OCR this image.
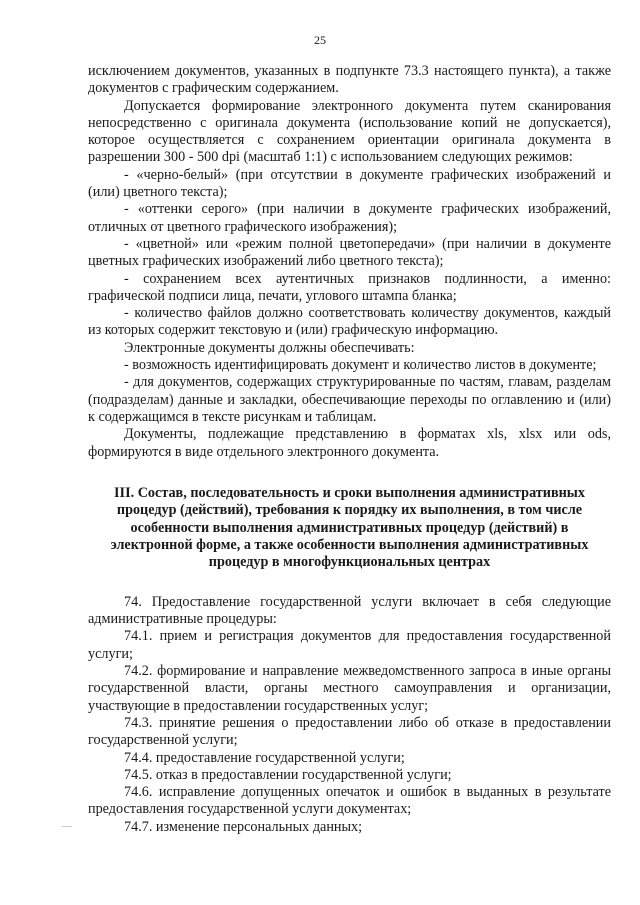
25

исключением документов, указанных в подпункте 73.3 настоящего пункта), а также документов с графическим содержанием.

Допускается формирование электронного документа путем сканирования непосредственно с оригинала документа (использование копий не допускается), которое осуществляется с сохранением ориентации оригинала документа в разрешении 300 - 500 dpi (масштаб 1:1) с использованием следующих режимов:

- «черно-белый» (при отсутствии в документе графических изображений и (или) цветного текста);

- «оттенки серого» (при наличии в документе графических изображений, отличных от цветного графического изображения);

- «цветной» или «режим полной цветопередачи» (при наличии в документе цветных графических изображений либо цветного текста);

- сохранением всех аутентичных признаков подлинности, а именно: графической подписи лица, печати, углового штампа бланка;

- количество файлов должно соответствовать количеству документов, каждый из которых содержит текстовую и (или) графическую информацию.

Электронные документы должны обеспечивать:

- возможность идентифицировать документ и количество листов в документе;

- для документов, содержащих структурированные по частям, главам, разделам (подразделам) данные и закладки, обеспечивающие переходы по оглавлению и (или) к содержащимся в тексте рисункам и таблицам.

Документы, подлежащие представлению в форматах xls, xlsx или ods, формируются в виде отдельного электронного документа.

III. Состав, последовательность и сроки выполнения административных процедур (действий), требования к порядку их выполнения, в том числе особенности выполнения административных процедур (действий) в электронной форме, а также особенности выполнения административных процедур в многофункциональных центрах

74. Предоставление государственной услуги включает в себя следующие административные процедуры:

74.1. прием и регистрация документов для предоставления государственной услуги;

74.2. формирование и направление межведомственного запроса в иные органы государственной власти, органы местного самоуправления и организации, участвующие в предоставлении государственных услуг;

74.3. принятие решения о предоставлении либо об отказе в предоставлении государственной услуги;

74.4. предоставление государственной услуги;

74.5. отказ в предоставлении государственной услуги;

74.6. исправление допущенных опечаток и ошибок в выданных в результате предоставления государственной услуги документах;

74.7. изменение персональных данных;

—
